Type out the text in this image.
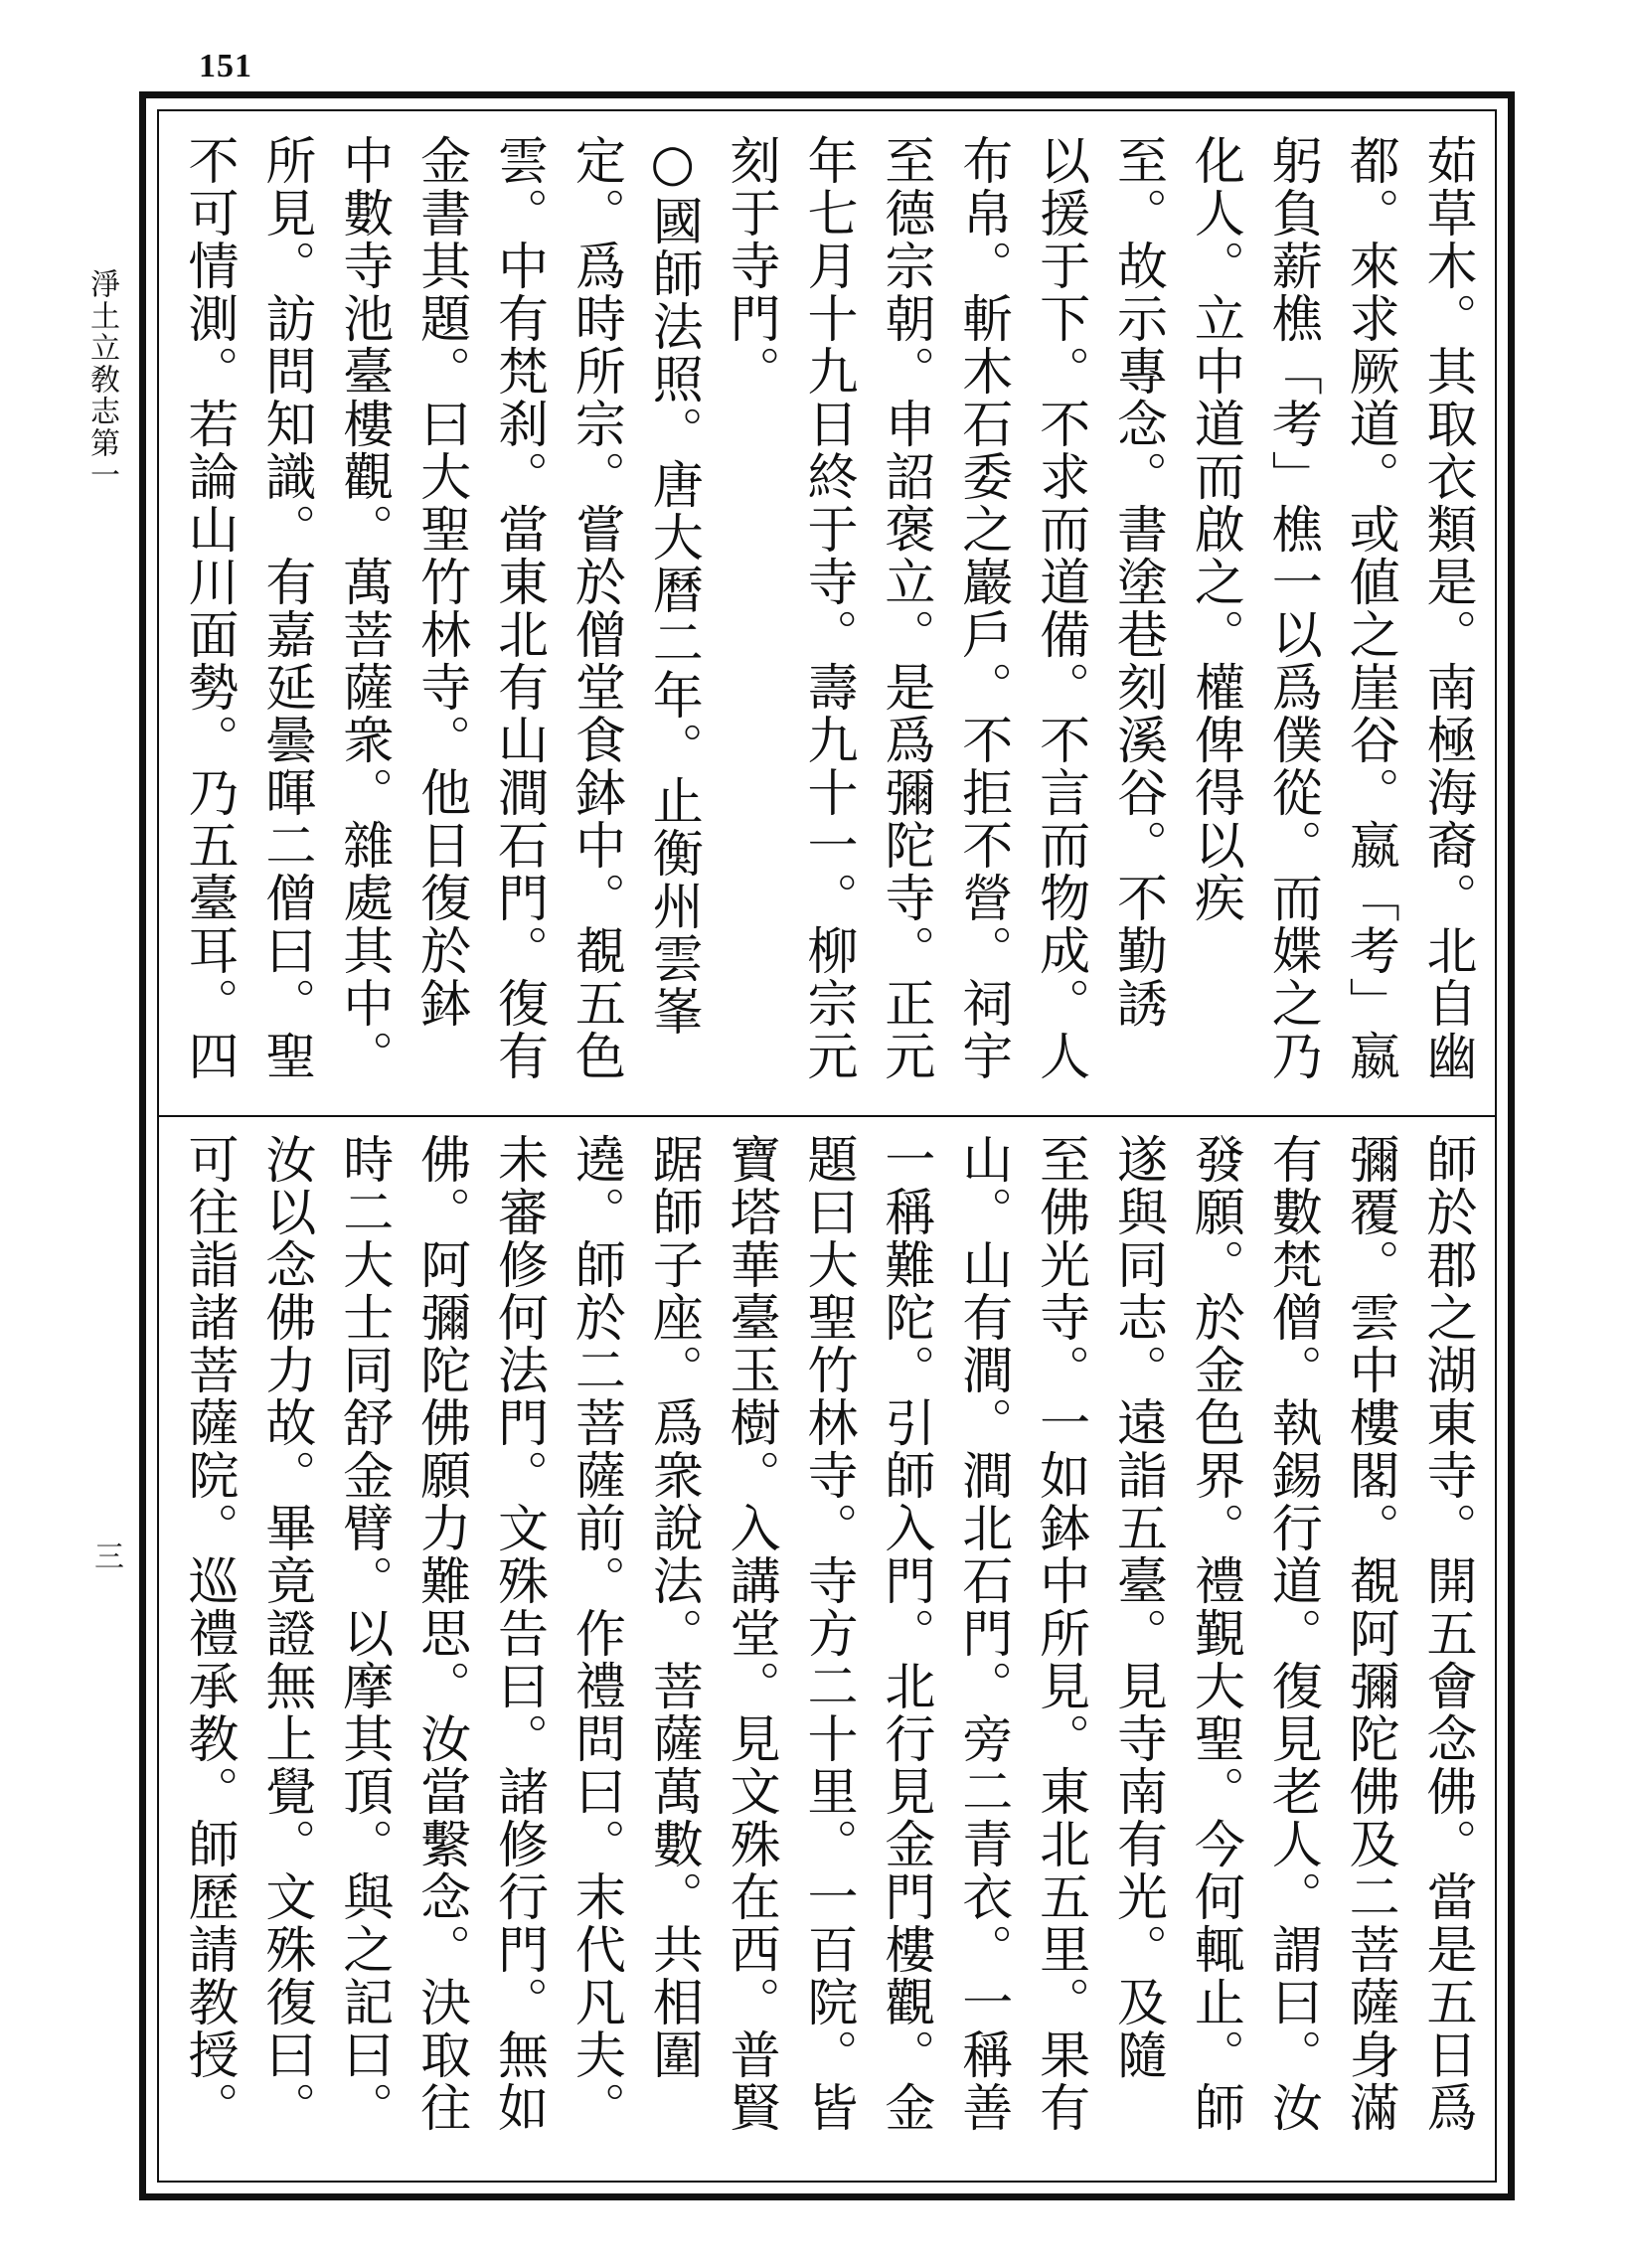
151
淨土立敎志第一
三
茹草木。其取衣類是。南極海裔。北自幽
都。來求厥道。或値之崖谷。嬴「考」嬴
躬負薪樵「考」樵一以爲僕從。而媟之乃
化人。立中道而啟之。權俾得以疾
至。故示專念。書塗巷刻溪谷。不勤誘
以援于下。不求而道備。不言而物成。人
布帛。斬木石委之巖戶。不拒不營。祠宇
至德宗朝。申詔褒立。是爲彌陀寺。正元
年七月十九日終于寺。壽九十一。柳宗元
刻于寺門。
○國師法照。唐大曆二年。止衡州雲峯
定。爲時所宗。嘗於僧堂食鉢中。覩五色
雲。中有梵刹。當東北有山澗石門。復有
金書其題。曰大聖竹林寺。他日復於鉢
中數寺池臺樓觀。萬菩薩衆。雜處其中。
所見。訪問知識。有嘉延曇暉二僧曰。聖
不可情測。若論山川面勢。乃五臺耳。四
師於郡之湖東寺。開五會念佛。當是五日爲
彌覆。雲中樓閣。覩阿彌陀佛及二菩薩身滿
有數梵僧。執錫行道。復見老人。謂曰。汝
發願。於金色界。禮覲大聖。今何輒止。師
遂與同志。遠詣五臺。見寺南有光。及隨
至佛光寺。一如鉢中所見。東北五里。果有
山。山有澗。澗北石門。旁二青衣。一稱善
一稱難陀。引師入門。北行見金門樓觀。金
題曰大聖竹林寺。寺方二十里。一百院。皆
寶塔華臺玉樹。入講堂。見文殊在西。普賢
踞師子座。爲衆說法。菩薩萬數。共相圍
遶。師於二菩薩前。作禮問曰。末代凡夫。
未審修何法門。文殊告曰。諸修行門。無如
佛。阿彌陀佛願力難思。汝當繫念。決取往
時二大士同舒金臂。以摩其頂。與之記曰。
汝以念佛力故。畢竟證無上覺。文殊復曰。
可往詣諸菩薩院。巡禮承教。師歷請教授。
